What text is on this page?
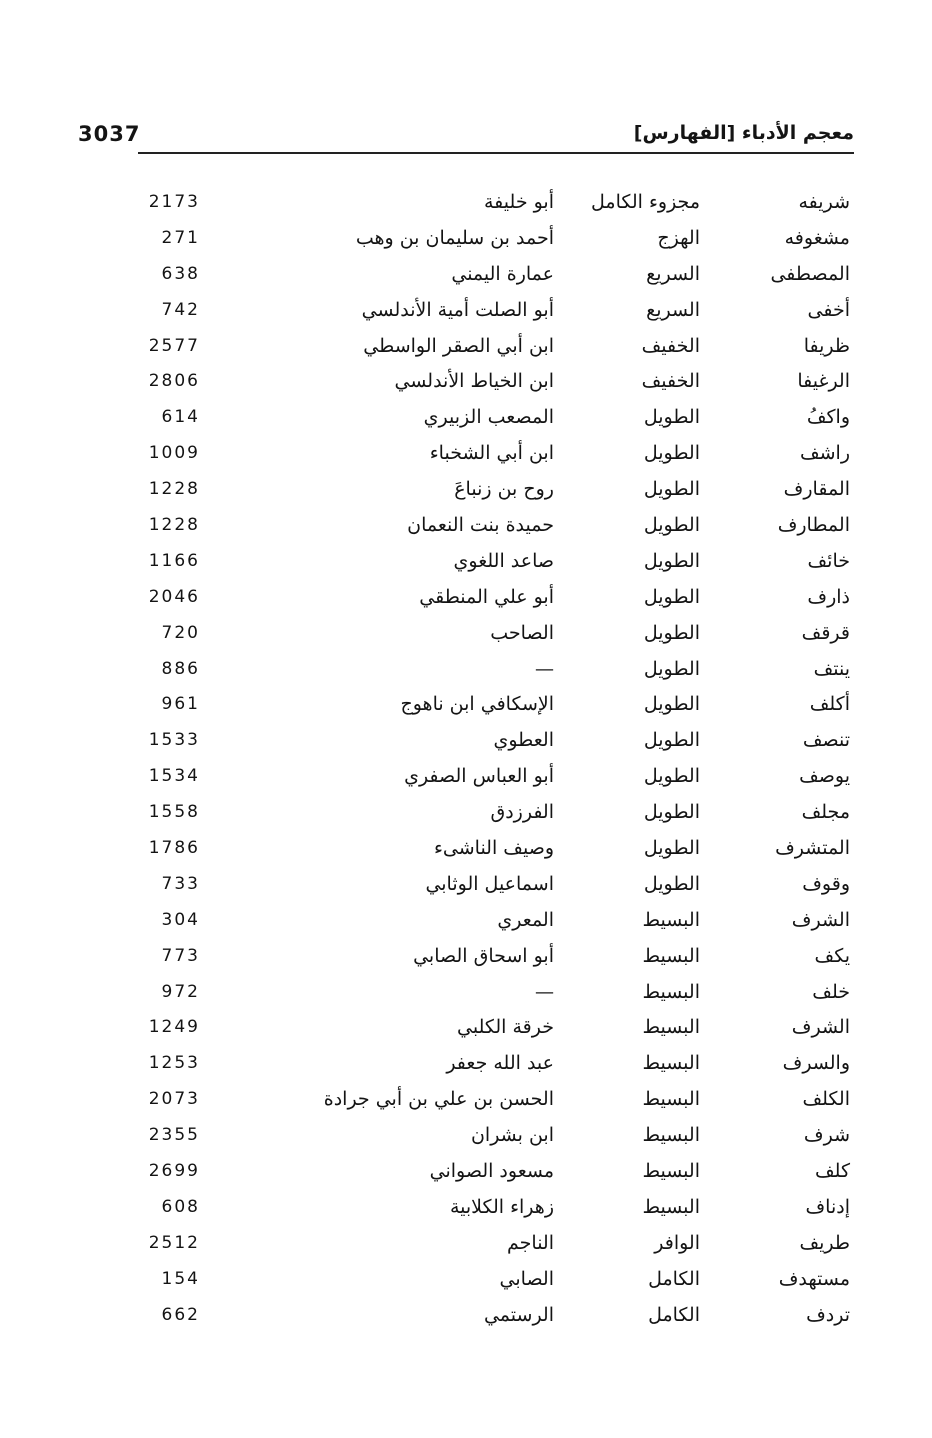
3037	معجم الأدباء [الفهارس]
شريفه
مجزوء الكامل
أبو خليفة
2173
مشغوفه
الهزج
أحمد بن سليمان بن وهب
271
المصطفى
السريع
عمارة اليمني
638
أخفى
السريع
أبو الصلت أمية الأندلسي
742
ظريفا
الخفيف
ابن أبي الصقر الواسطي
2577
الرغيفا
الخفيف
ابن الخياط الأندلسي
2806
واكفُ
الطويل
المصعب الزبيري
614
راشف
الطويل
ابن أبي الشخباء
1009
المقارف
الطويل
روح بن زنباعَ
1228
المطارف
الطويل
حميدة بنت النعمان
1228
خائف
الطويل
صاعد اللغوي
1166
ذارف
الطويل
أبو علي المنطقي
2046
قرقف
الطويل
الصاحب
720
ينتف
الطويل
—
886
أكلف
الطويل
الإسكافي ابن ناهوج
961
تنصف
الطويل
العطوي
1533
يوصف
الطويل
أبو العباس الصفري
1534
مجلف
الطويل
الفرزدق
1558
المتشرف
الطويل
وصيف الناشىء
1786
وقوف
الطويل
اسماعيل الوثابي
733
الشرف
البسيط
المعري
304
يكف
البسيط
أبو اسحاق الصابي
773
خلف
البسيط
—
972
الشرف
البسيط
خرقة الكلبي
1249
والسرف
البسيط
عبد الله جعفر
1253
الكلف
البسيط
الحسن بن علي بن أبي جرادة
2073
شرف
البسيط
ابن بشران
2355
كلف
البسيط
مسعود الصواني
2699
إدناف
البسيط
زهراء الكلابية
608
طريف
الوافر
الناجم
2512
مستهدف
الكامل
الصابي
154
تردف
الكامل
الرستمي
662
